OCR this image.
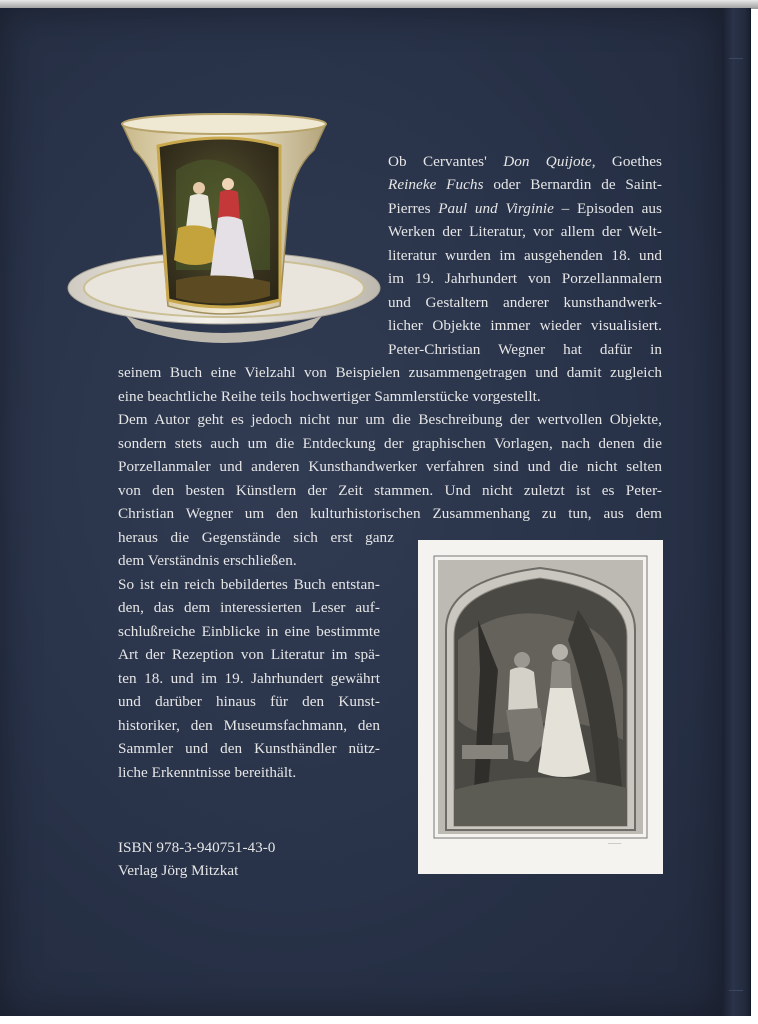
Ob Cervantes' Don Quijote, Goethes
Reineke Fuchs oder Bernardin de Saint-
Pierres Paul und Virginie – Episoden aus
Werken der Literatur, vor allem der Welt-
literatur wurden im ausgehenden 18. und
im 19. Jahrhundert von Porzellanmalern
und Gestaltern anderer kunsthandwerk-
licher Objekte immer wieder visualisiert.
Peter-Christian Wegner hat dafür in
seinem Buch eine Vielzahl von Beispielen zusammengetragen und damit zugleich
eine beachtliche Reihe teils hochwertiger Sammlerstücke vorgestellt.
Dem Autor geht es jedoch nicht nur um die Beschreibung der wertvollen Objekte,
sondern stets auch um die Entdeckung der graphischen Vorlagen, nach denen die
Porzellanmaler und anderen Kunsthandwerker verfahren sind und die nicht selten
von den besten Künstlern der Zeit stammen. Und nicht zuletzt ist es Peter-
Christian Wegner um den kulturhistorischen Zusammenhang zu tun, aus dem
heraus die Gegenstände sich erst ganz
dem Verständnis erschließen.
So ist ein reich bebildertes Buch entstan-
den, das dem interessierten Leser auf-
schlußreiche Einblicke in eine bestimmte
Art der Rezeption von Literatur im spä-
ten 18. und im 19. Jahrhundert gewährt
und darüber hinaus für den Kunst-
historiker, den Museumsfachmann, den
Sammler und den Kunsthändler nütz-
liche Erkenntnisse bereithält.
———
ISBN 978-3-940751-43-0
Verlag Jörg Mitzkat
